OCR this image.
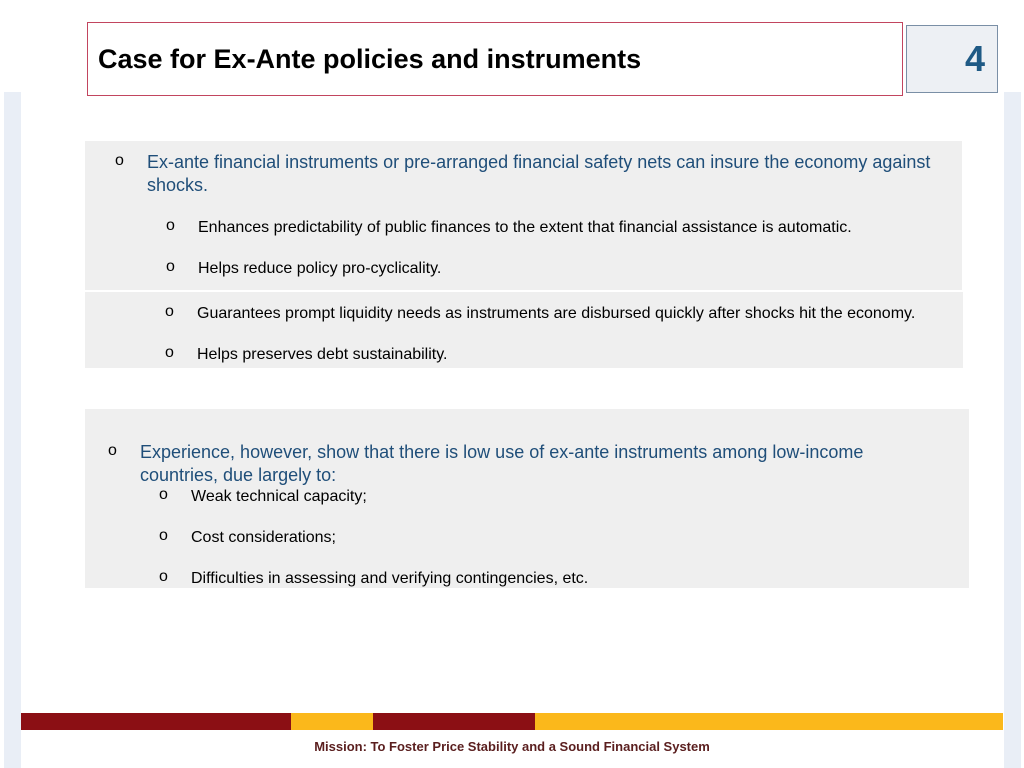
Case for Ex-Ante policies and instruments	4
o Ex-ante financial instruments or pre-arranged financial safety nets can insure the economy against shocks.
o Enhances predictability of public finances to the extent that financial assistance is automatic.
o Helps reduce policy pro-cyclicality.
o Guarantees prompt liquidity needs as instruments are disbursed quickly after shocks hit the economy.
o Helps preserves debt sustainability.
o Experience, however, show that there is low use of ex-ante instruments among low-income countries, due largely to:
o Weak technical capacity;
o Cost considerations;
o Difficulties in assessing and verifying contingencies, etc.
Mission: To Foster Price Stability and a Sound Financial System
